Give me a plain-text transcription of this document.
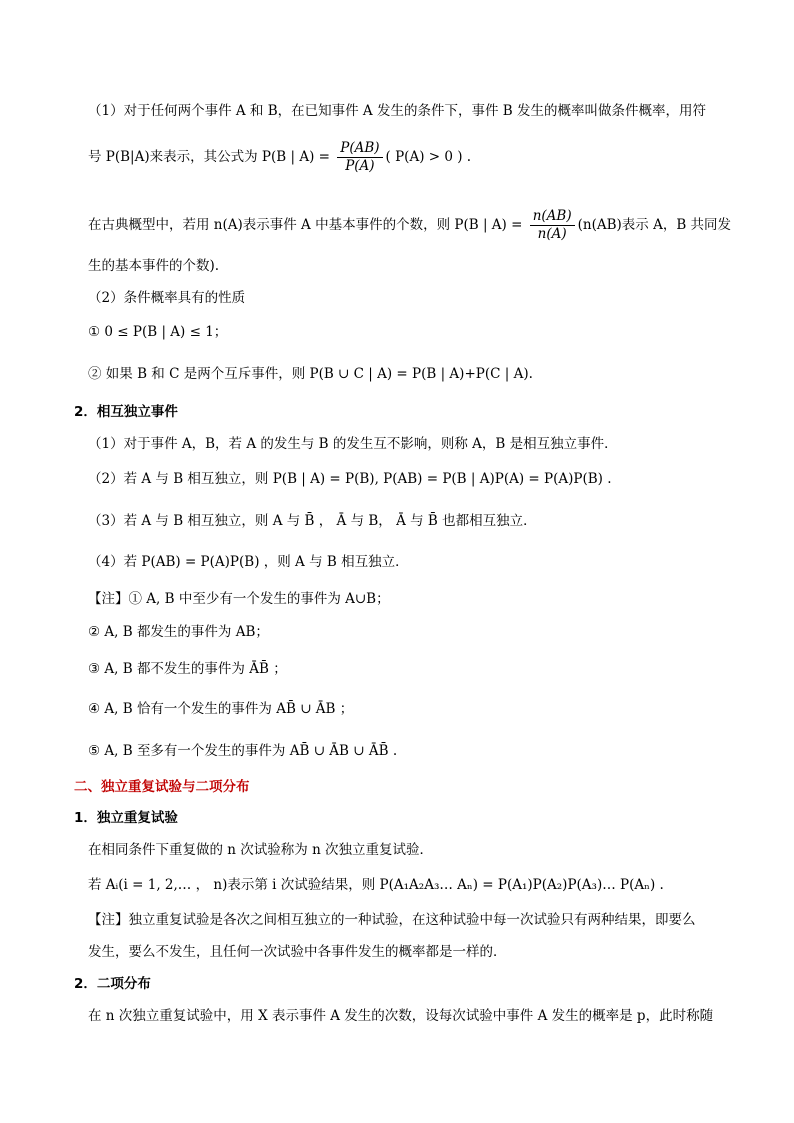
（1）对于任何两个事件 A 和 B，在已知事件 A 发生的条件下，事件 B 发生的概率叫做条件概率，用符
号 P(B|A)来表示，其公式为 P(B | $A) = \frac{P(AB)}{P(A)}$ ( P(A) > 0 ) .
在古典概型中，若用 n(A)表示事件 A 中基本事件的个数，则 P(B | $A) = \frac{n(AB)}{n(A)} (n(AB)$表示 A，B 共同发
生的基本事件的个数).
（2）条件概率具有的性质
① 0 ≤ P(B | A) ≤ 1；
② 如果 B 和 C 是两个互斥事件，则 P(B ∪ C | A) = P(B | A)+P(C | A).
2．相互独立事件
（1）对于事件 A，B，若 A 的发生与 B 的发生互不影响，则称 A，B 是相互独立事件．
（2）若 A 与 B 相互独立，则 P(B | A) = P(B), P(AB) = P(B | A)P(A) = P(A)P(B) .
（3）若 A 与 B 相互独立，则 A 与 B̄ ， Ā 与 B， Ā 与 B̄ 也都相互独立．
（4）若 P(AB) = P(A)P(B) ，则 A 与 B 相互独立．
【注】① A, B 中至少有一个发生的事件为 A∪B；
② A, B 都发生的事件为 AB；
③ A, B 都不发生的事件为 ĀB̄ ；
④ A, B 恰有一个发生的事件为 AB̄ ∪ ĀB ；
⑤ A, B 至多有一个发生的事件为 AB̄ ∪ ĀB ∪ ĀB̄ .
二、独立重复试验与二项分布
1．独立重复试验
在相同条件下重复做的 n 次试验称为 n 次独立重复试验．
若 Aᵢ(i = 1, 2,… ， n)表示第 i 次试验结果，则 P(A₁A₂A₃… Aₙ) = P(A₁)P(A₂)P(A₃)… P(Aₙ) .
【注】独立重复试验是各次之间相互独立的一种试验，在这种试验中每一次试验只有两种结果，即要么
发生，要么不发生，且任何一次试验中各事件发生的概率都是一样的．
2．二项分布
在 n 次独立重复试验中，用 X 表示事件 A 发生的次数，设每次试验中事件 A 发生的概率是 p，此时称随
